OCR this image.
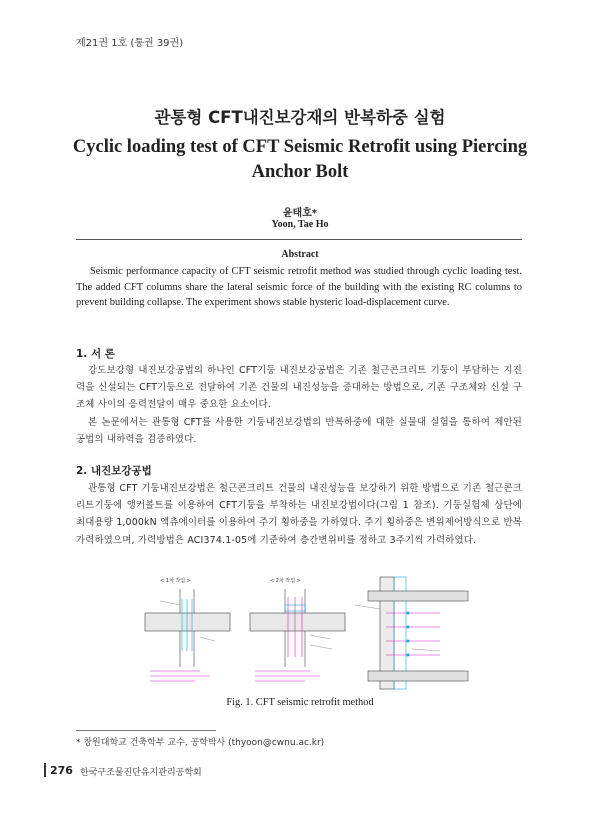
제21권 1호 (통권 39권)
관통형 CFT내진보강재의 반복하중 실험
Cyclic loading test of CFT Seismic Retrofit using Piercing Anchor Bolt
윤태호*
Yoon, Tae Ho
Abstract
Seismic performance capacity of CFT seismic retrofit method was studied through cyclic loading test. The added CFT columns share the lateral seismic force of the building with the existing RC columns to prevent building collapse. The experiment shows stable hysteric load-displacement curve.
1. 서 론
강도보강형 내진보강공법의 하나인 CFT기둥 내진보강공법은 기존 철근콘크리트 기둥이 부담하는 지진력을 신설되는 CFT기둥으로 전달하여 기존 건물의 내진성능을 증대하는 방법으로, 기존 구조체와 신설 구조체 사이의 응력전달이 매우 중요한 요소이다.
본 논문에서는 관통형 CFT를 사용한 기둥내진보강법의 반복하중에 대한 실물대 실험을 통하여 제안된 공법의 내하력을 검증하였다.
2. 내진보강공법
관통형 CFT 기둥내진보강법은 철근콘크리트 건물의 내진성능을 보강하기 위한 방법으로 기존 철근콘크리트기둥에 앵커볼트를 이용하여 CFT기둥을 부착하는 내진보강법이다(그림 1 참조). 기둥실험체 상단에 최대용량 1,000kN 액츄에이터를 이용하여 주기 횡하중을 가하였다. 주기 횡하중은 변위제어방식으로 반복 가력하였으며, 가력방법은 ACI374.1-05에 기준하여 층간변위비를 정하고 3주기씩 가력하였다.
< 1차 작업 >	< 2차 작업 >
Fig. 1. CFT seismic retrofit method
* 창원대학교 건축학부 교수, 공학박사 (thyoon@cwnu.ac.kr)
276 한국구조물진단유지관리공학회
